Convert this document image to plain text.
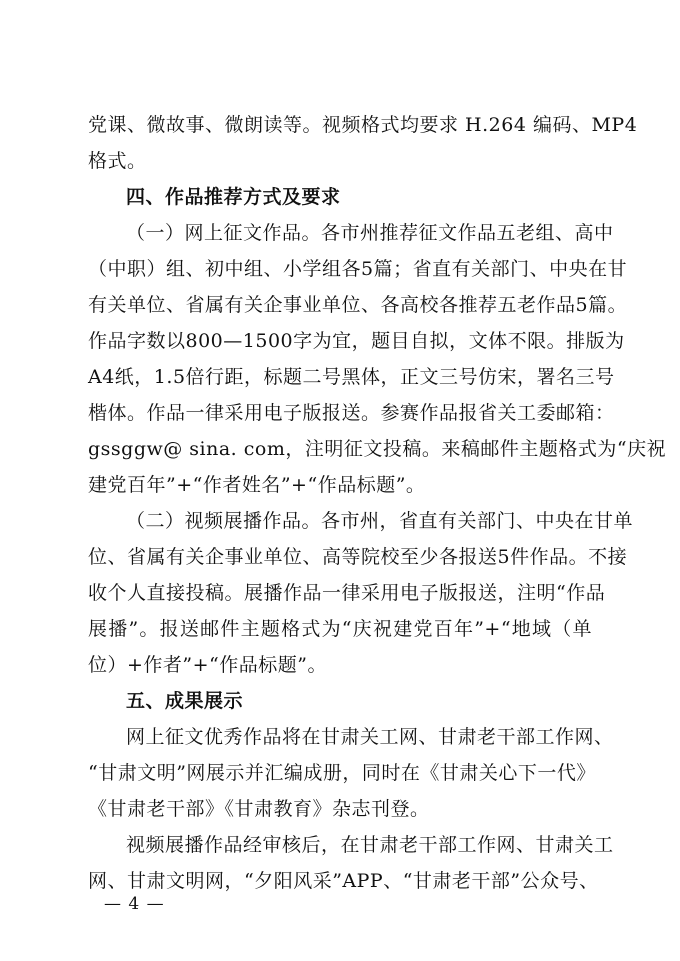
党课、微故事、微朗读等。视频格式均要求 H.264 编码、MP4
格式。
四、作品推荐方式及要求
（一）网上征文作品。各市州推荐征文作品五老组、高中
（中职）组、初中组、小学组各5篇；省直有关部门、中央在甘
有关单位、省属有关企事业单位、各高校各推荐五老作品5篇。
作品字数以800—1500字为宜，题目自拟，文体不限。排版为
A4纸，1.5倍行距，标题二号黑体，正文三号仿宋，署名三号
楷体。作品一律采用电子版报送。参赛作品报省关工委邮箱：
gssggw@ sina. com，注明征文投稿。来稿邮件主题格式为“庆祝
建党百年”+“作者姓名”+“作品标题”。
（二）视频展播作品。各市州，省直有关部门、中央在甘单
位、省属有关企事业单位、高等院校至少各报送5件作品。不接
收个人直接投稿。展播作品一律采用电子版报送，注明“作品
展播”。报送邮件主题格式为“庆祝建党百年”+“地域（单
位）+作者”+“作品标题”。
五、成果展示
网上征文优秀作品将在甘肃关工网、甘肃老干部工作网、
“甘肃文明”网展示并汇编成册，同时在《甘肃关心下一代》
《甘肃老干部》《甘肃教育》杂志刊登。
视频展播作品经审核后，在甘肃老干部工作网、甘肃关工
网、甘肃文明网，“夕阳风采”APP、“甘肃老干部”公众号、
— 4 —
